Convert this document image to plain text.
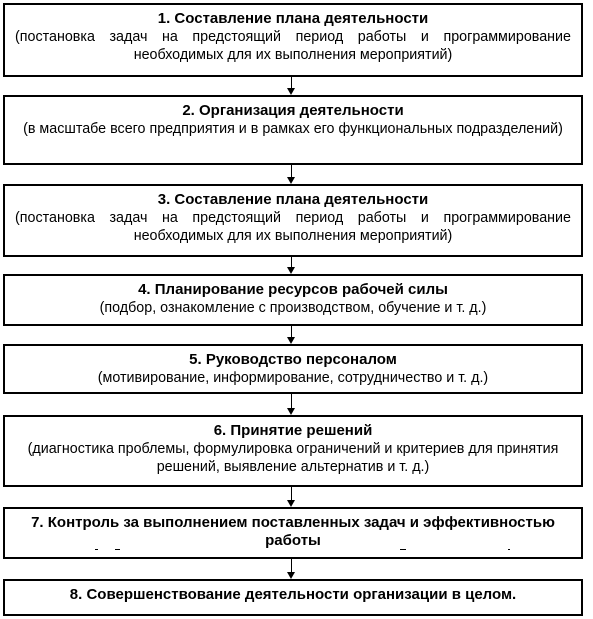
1. Составление плана деятельности
(постановка задач на предстоящий период работы и программирование необходимых для их выполнения мероприятий)
2. Организация деятельности
(в масштабе всего предприятия и в рамках его функциональных подразделений)
3. Составление плана деятельности
(постановка задач на предстоящий период работы и программирование необходимых для их выполнения мероприятий)
4. Планирование ресурсов рабочей силы
(подбор, ознакомление с производством, обучение и т. д.)
5. Руководство персоналом
(мотивирование, информирование, сотрудничество и т. д.)
6. Принятие решений
(диагностика проблемы, формулировка ограничений и критериев для принятия решений, выявление альтернатив и т. д.)
7. Контроль за выполнением поставленных задач и эффективностью работы
8. Совершенствование деятельности организации в целом.
